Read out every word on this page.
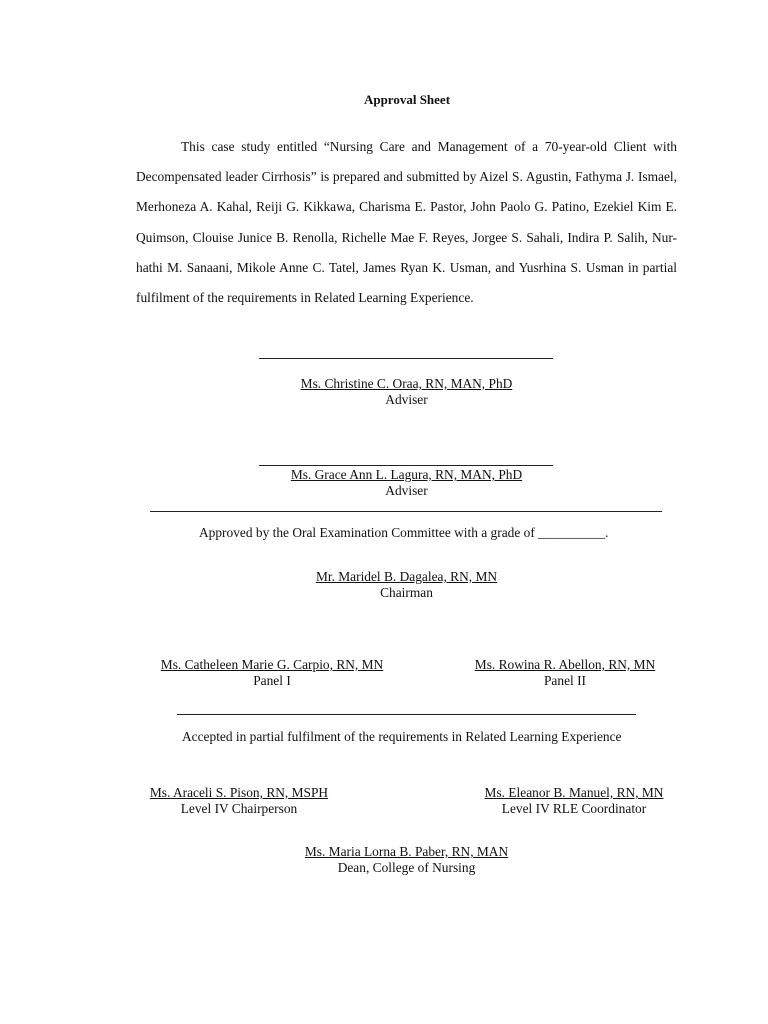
Approval Sheet
This case study entitled “Nursing Care and Management of a 70-year-old Client with Decompensated leader Cirrhosis” is prepared and submitted by Aizel S. Agustin, Fathyma J. Ismael, Merhoneza A. Kahal, Reiji G. Kikkawa, Charisma E. Pastor, John Paolo G. Patino, Ezekiel Kim E. Quimson, Clouise Junice B. Renolla, Richelle Mae F. Reyes, Jorgee S. Sahali, Indira P. Salih, Nur-hathi M. Sanaani, Mikole Anne C. Tatel, James Ryan K. Usman, and Yusrhina S. Usman in partial fulfilment of the requirements in Related Learning Experience.
Ms. Christine C. Oraa, RN, MAN, PhD
Adviser
Ms. Grace Ann L. Lagura, RN, MAN, PhD
Adviser
Approved by the Oral Examination Committee with a grade of __________.
Mr. Maridel B. Dagalea, RN, MN
Chairman
Ms. Catheleen Marie G. Carpio, RN, MN
Panel I
Ms. Rowina R. Abellon, RN, MN
Panel II
Accepted in partial fulfilment of the requirements in Related Learning Experience
Ms. Araceli S. Pison, RN, MSPH
Level IV Chairperson
Ms. Eleanor B. Manuel, RN, MN
Level IV RLE Coordinator
Ms. Maria Lorna B. Paber, RN, MAN
Dean, College of Nursing
